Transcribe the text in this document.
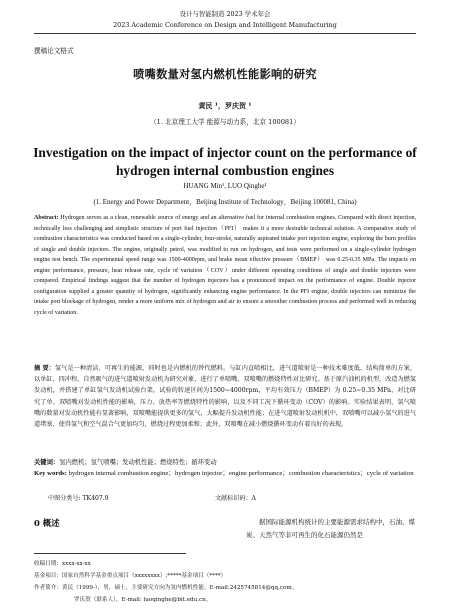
设计与智能制造 2023 学术年会
2023 Academic Conference on Design and Intelligent Manufacturing
撰稿论文格式
喷嘴数量对氢内燃机性能影响的研究
黄民 ¹，罗庆贺 ¹
（1. 北京理工大学 能源与动力系，北京 100081）
Investigation on the impact of injector count on the performance of hydrogen internal combustion engines
HUANG Min¹, LUO Qinghe¹
(1. Energy and Power Department，Beijing Institute of Technology，Beijing 100081, China)

Abstract: Hydrogen serves as a clean, renewable source of energy and an alternative fuel for internal combustion engines. Compared with direct injection, technically less challenging and simplistic structure of port fuel injection（PFI） makes it a more desirable technical solution. A comparative study of combustion characteristics was conducted based on a single-cylinder, four-stroke, naturally aspirated intake port injection engine, exploring the burn profiles of single and double injectors. The engine, originally petrol, was modified to run on hydrogen, and tests were performed on a single-cylinder hydrogen engine test bench. The experimental speed range was 1500-4000rpm, and brake mean effective pressure（BMEP） was 0.25-0.35 MPa. The impacts on engine performance, pressure, heat release rate, cycle of variation（COV）under different operating conditions of single and double injectors were compared. Empirical findings suggest that the number of hydrogen injectors has a pronounced impact on the performance of engine. Double injector configuration supplied a greater quantity of hydrogen, significantly enhancing engine performance. In the PFI engine, double injectors can minimize the intake port blockage of hydrogen, render a more uniform mix of hydrogen and air to ensure a smoother combustion process and performed well in reducing cycle of variation.

摘 要：氢气是一种清洁、可再生的能源，同时也是内燃机的替代燃料。与缸内直喷相比，进气道喷射是一种技术难度低、结构简单的方案，以单缸、四冲程、自然吸气的进气道喷射发动机为研究对象，进行了单喷嘴、双喷嘴的燃烧特性对比研究。基于原汽油机的机型，改造为燃氢发动机，并搭建了单缸氢气发动机试验台架，试验的转速区间为1500~4000rpm，平均有效压力（BMEP）为 0.25~0.35 MPa，对比研究了单、双喷嘴对发动机性能的影响，压力、放热率等燃烧特性的影响，以及不同工况下循环变动（COV）的影响。实验结果表明，氢气喷嘴的数量对发动机性能有显著影响，双喷嘴能提供更多的氢气，大幅提升发动机性能；在进气道喷射发动机机中，双喷嘴可以减小氢气的进气道堵塞，使得氢气和空气混合气更加均匀，燃烧过程更加柔和；此外，双喷嘴在减小燃烧循环变动有着良好的表现。

关键词：氢内燃机；氢气喷嘴；发动机性能；燃烧特性；循环变动

Key words: hydrogen internal combustion engine；hydrogen injector；engine performance；combustion characteristics；cycle of variation

中图分类号: TK407.9	文献标识码：A
0 概述	据国际能源机构统计的主要能源需求结构中，石油、煤炭、天然气等非可再生的化石能源仍然是

收稿日期：xxxx-xx-xx
基金项目：国家自然科学基金重点项目（xxxxxxxx）;*****基金项目（****）
作者简介：黄民（1999-），男，硕士，主要研究方向为氢内燃机性能。E-mail:2425745814@qq.com。
罗庆贺（联系人），E-mail: luoqinghe@bit.edu.cn。
